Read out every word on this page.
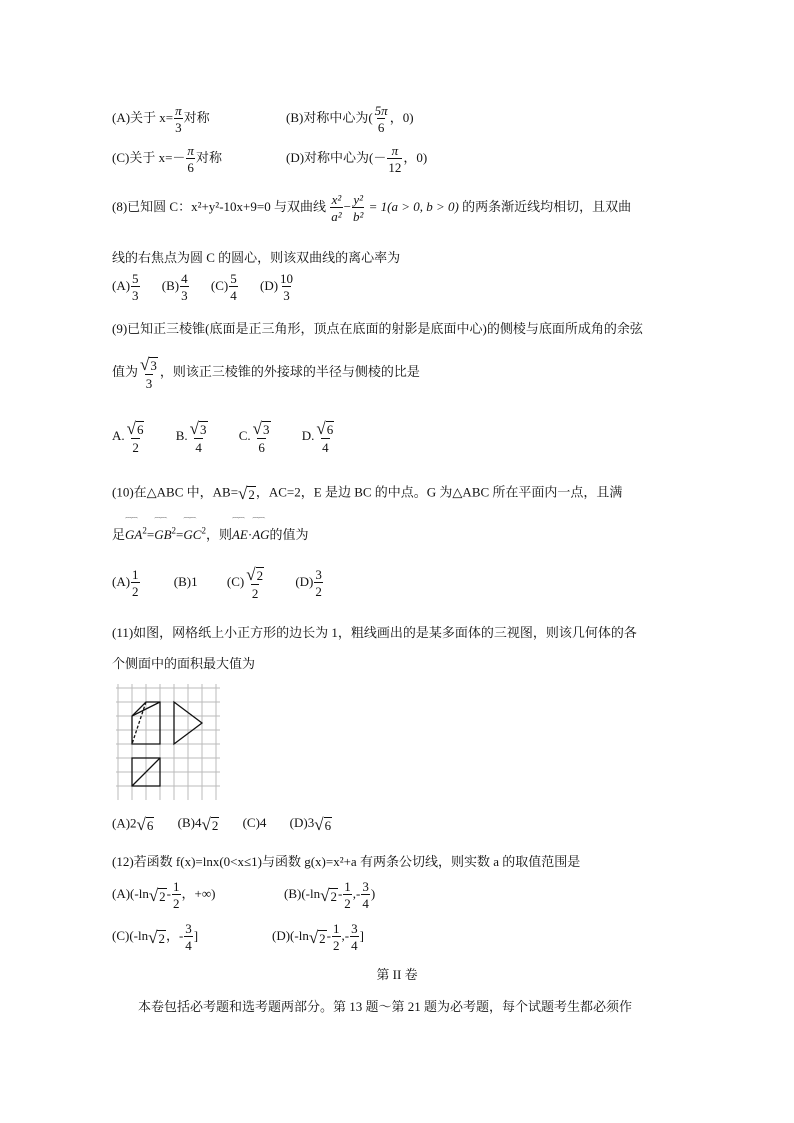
(A)关于 $x= \frac{\pi}{3}$ 对称	(B)对称中心为( $\frac{5\pi}{6}$ ，0)
(C)关于 $x=- \frac{\pi}{6}$ 对称	(D)对称中心为(－ $\frac{\pi}{12}$ ，0)
(8)已知圆 C：x²+y²-10x+9=0 与双曲线 $\frac{\text{x²}}{\text{a²}} - \frac{\text{y²}}{\text{b²}} = 1(a > 0$, b > 0) 的两条渐近线均相切，且双曲
线的右焦点为圆 C 的圆心，则该双曲线的离心率为
$(A) \frac{5}{3} (B) \frac{4}{3} (C) \frac{5}{4} (D) \frac{10}{3}$
(9)已知正三棱锥(底面是正三角形，顶点在底面的射影是底面中心)的侧棱与底面所成角的余弦
值为 $\frac{√3}{3}$ ，则该正三棱锥的外接球的半径与侧棱的比是
A. $\frac{√6}{2} B$. $\frac{√3}{4} C$. $\frac{√3}{6} D$. $\frac{√6}{4}$
(10)在△ABC 中，AB=√2，AC=2，E 是边 BC 的中点。G 为△ABC 所在平面内一点，且满
足⌒⌒ $GA^2=⌒⌒$ $GB^2=⌒⌒$ $GC^2$，则⌒⌒ AE·⌒⌒ AG的值为
$(A) \frac{1}{2}$	(B)1 $(C) \frac{√2}{2} (D) \frac{3}{2}$
(11)如图，网格纸上小正方形的边长为 1，粗线画出的是某多面体的三视图，则该几何体的各
个侧面中的面积最大值为
(A)2√6 (B)4√2 (C)4 (D)3√6
(12)若函数 f(x)=lnx(0<x≤1)与函数 g(x)=x²+a 有两条公切线，则实数 a 的取值范围是
$(A)(-\ln√2- \frac{1}{2}$ ，+∞)	$(B)(-\ln√2- \frac{1}{2}$ ,- $\frac{3}{4}$ )
(C)(-ln√2，- $\frac{3}{4}$ ]	$(D)(-\ln√2- \frac{1}{2}$ ,- $\frac{3}{4}$ ]
第 II 卷
本卷包括必考题和选考题两部分。第 13 题～第 21 题为必考题，每个试题考生都必须作
